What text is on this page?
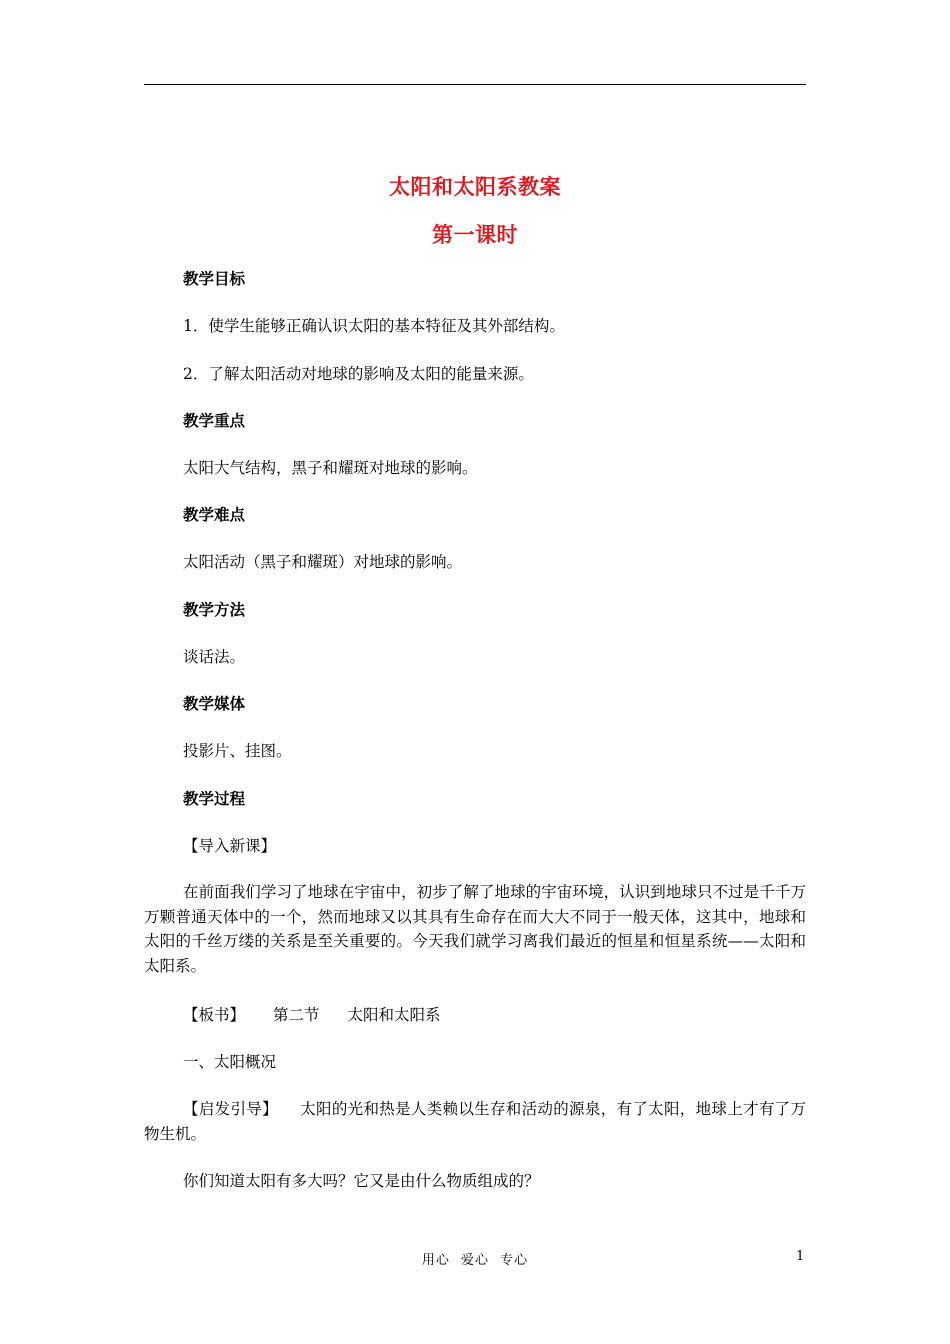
太阳和太阳系教案
第一课时
教学目标
1．使学生能够正确认识太阳的基本特征及其外部结构。
2．了解太阳活动对地球的影响及太阳的能量来源。
教学重点
太阳大气结构，黑子和耀斑对地球的影响。
教学难点
太阳活动（黑子和耀斑）对地球的影响。
教学方法
谈话法。
教学媒体
投影片、挂图。
教学过程
【导入新课】
在前面我们学习了地球在宇宙中，初步了解了地球的宇宙环境，认识到地球只不过是千千万万颗普通天体中的一个，然而地球又以其具有生命存在而大大不同于一般天体，这其中，地球和太阳的千丝万缕的关系是至关重要的。今天我们就学习离我们最近的恒星和恒星系统——太阳和太阳系。
【板书】 第二节 太阳和太阳系
一、太阳概况
【启发引导】 太阳的光和热是人类赖以生存和活动的源泉，有了太阳，地球上才有了万物生机。
你们知道太阳有多大吗？它又是由什么物质组成的？
用心 爱心 专心	1
